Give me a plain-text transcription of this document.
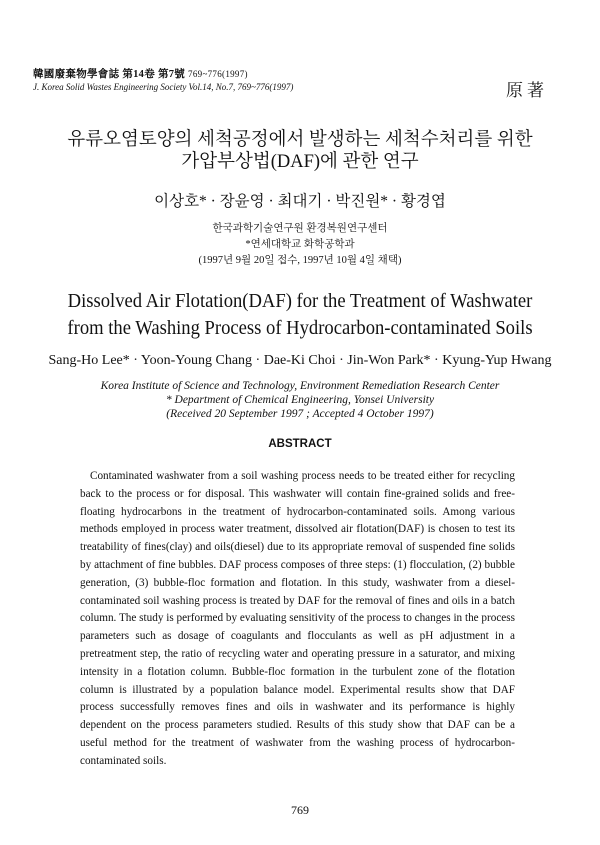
韓國廢棄物學會誌 第14卷 第7號 769~776(1997)
J. Korea Solid Wastes Engineering Society Vol.14, No.7, 769~776(1997)	原著
유류오염토양의 세척공정에서 발생하는 세척수처리를 위한
가압부상법(DAF)에 관한 연구
이상호* · 장윤영 · 최대기 · 박진원* · 황경엽
한국과학기술연구원 환경복원연구센터
*연세대학교 화학공학과
(1997년 9월 20일 접수, 1997년 10월 4일 채택)
Dissolved Air Flotation(DAF) for the Treatment of Washwater
from the Washing Process of Hydrocarbon-contaminated Soils
Sang-Ho Lee* · Yoon-Young Chang · Dae-Ki Choi · Jin-Won Park* · Kyung-Yup Hwang
Korea Institute of Science and Technology, Environment Remediation Research Center
* Department of Chemical Engineering, Yonsei University
(Received 20 September 1997 ; Accepted 4 October 1997)
ABSTRACT
Contaminated washwater from a soil washing process needs to be treated either for recycling back to the process or for disposal. This washwater will contain fine-grained solids and free-floating hydrocarbons in the treatment of hydrocarbon-contaminated soils. Among various methods employed in process water treatment, dissolved air flotation(DAF) is chosen to test its treatability of fines(clay) and oils(diesel) due to its appropriate removal of suspended fine solids by attachment of fine bubbles. DAF process composes of three steps: (1) flocculation, (2) bubble generation, (3) bubble-floc formation and flotation. In this study, washwater from a diesel-contaminated soil washing process is treated by DAF for the removal of fines and oils in a batch column. The study is performed by evaluating sensitivity of the process to changes in the process parameters such as dosage of coagulants and flocculants as well as pH adjustment in a pretreatment step, the ratio of recycling water and operating pressure in a saturator, and mixing intensity in a flotation column. Bubble-floc formation in the turbulent zone of the flotation column is illustrated by a population balance model. Experimental results show that DAF process successfully removes fines and oils in washwater and its performance is highly dependent on the process parameters studied. Results of this study show that DAF can be a useful method for the treatment of washwater from the washing process of hydrocarbon-contaminated soils.
769
